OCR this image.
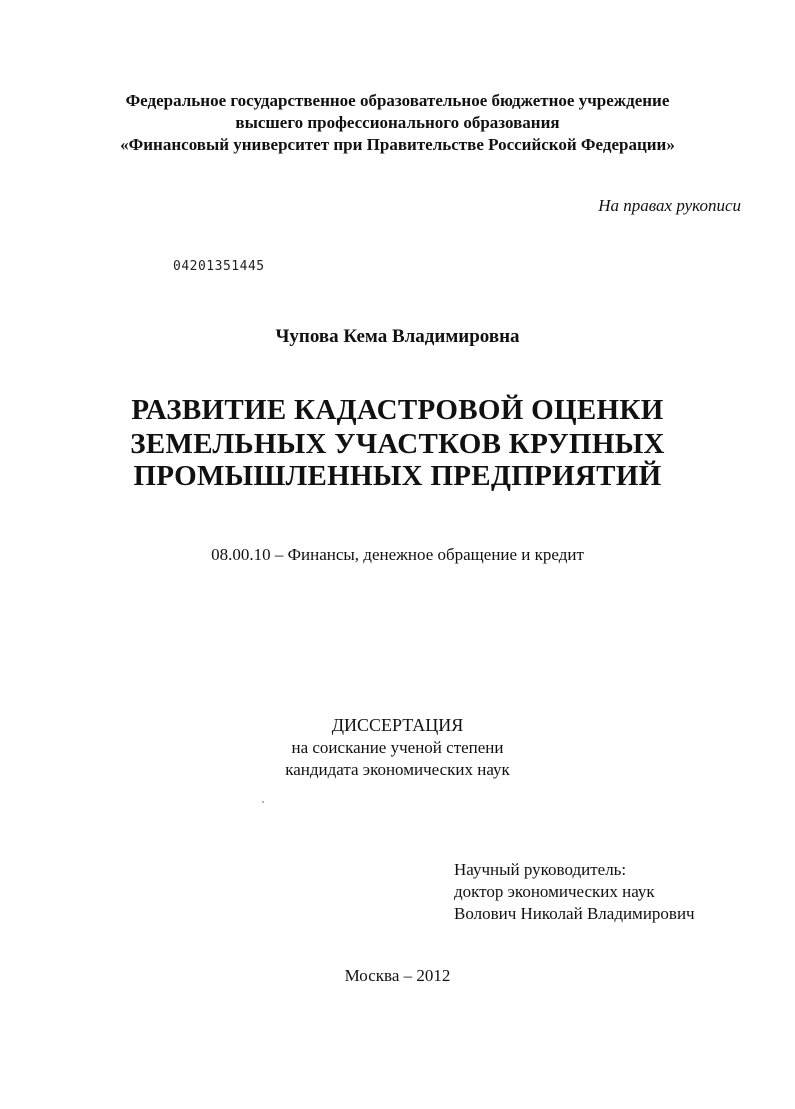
Федеральное государственное образовательное бюджетное учреждение
высшего профессионального образования
«Финансовый университет при Правительстве Российской Федерации»
На правах рукописи
04201351445
Чупова Кема Владимировна
РАЗВИТИЕ КАДАСТРОВОЙ ОЦЕНКИ
ЗЕМЕЛЬНЫХ УЧАСТКОВ КРУПНЫХ
ПРОМЫШЛЕННЫХ ПРЕДПРИЯТИЙ
08.00.10 – Финансы, денежное обращение и кредит
ДИССЕРТАЦИЯ
на соискание ученой степени
кандидата экономических наук
Научный руководитель:
доктор экономических наук
Волович Николай Владимирович
Москва – 2012
